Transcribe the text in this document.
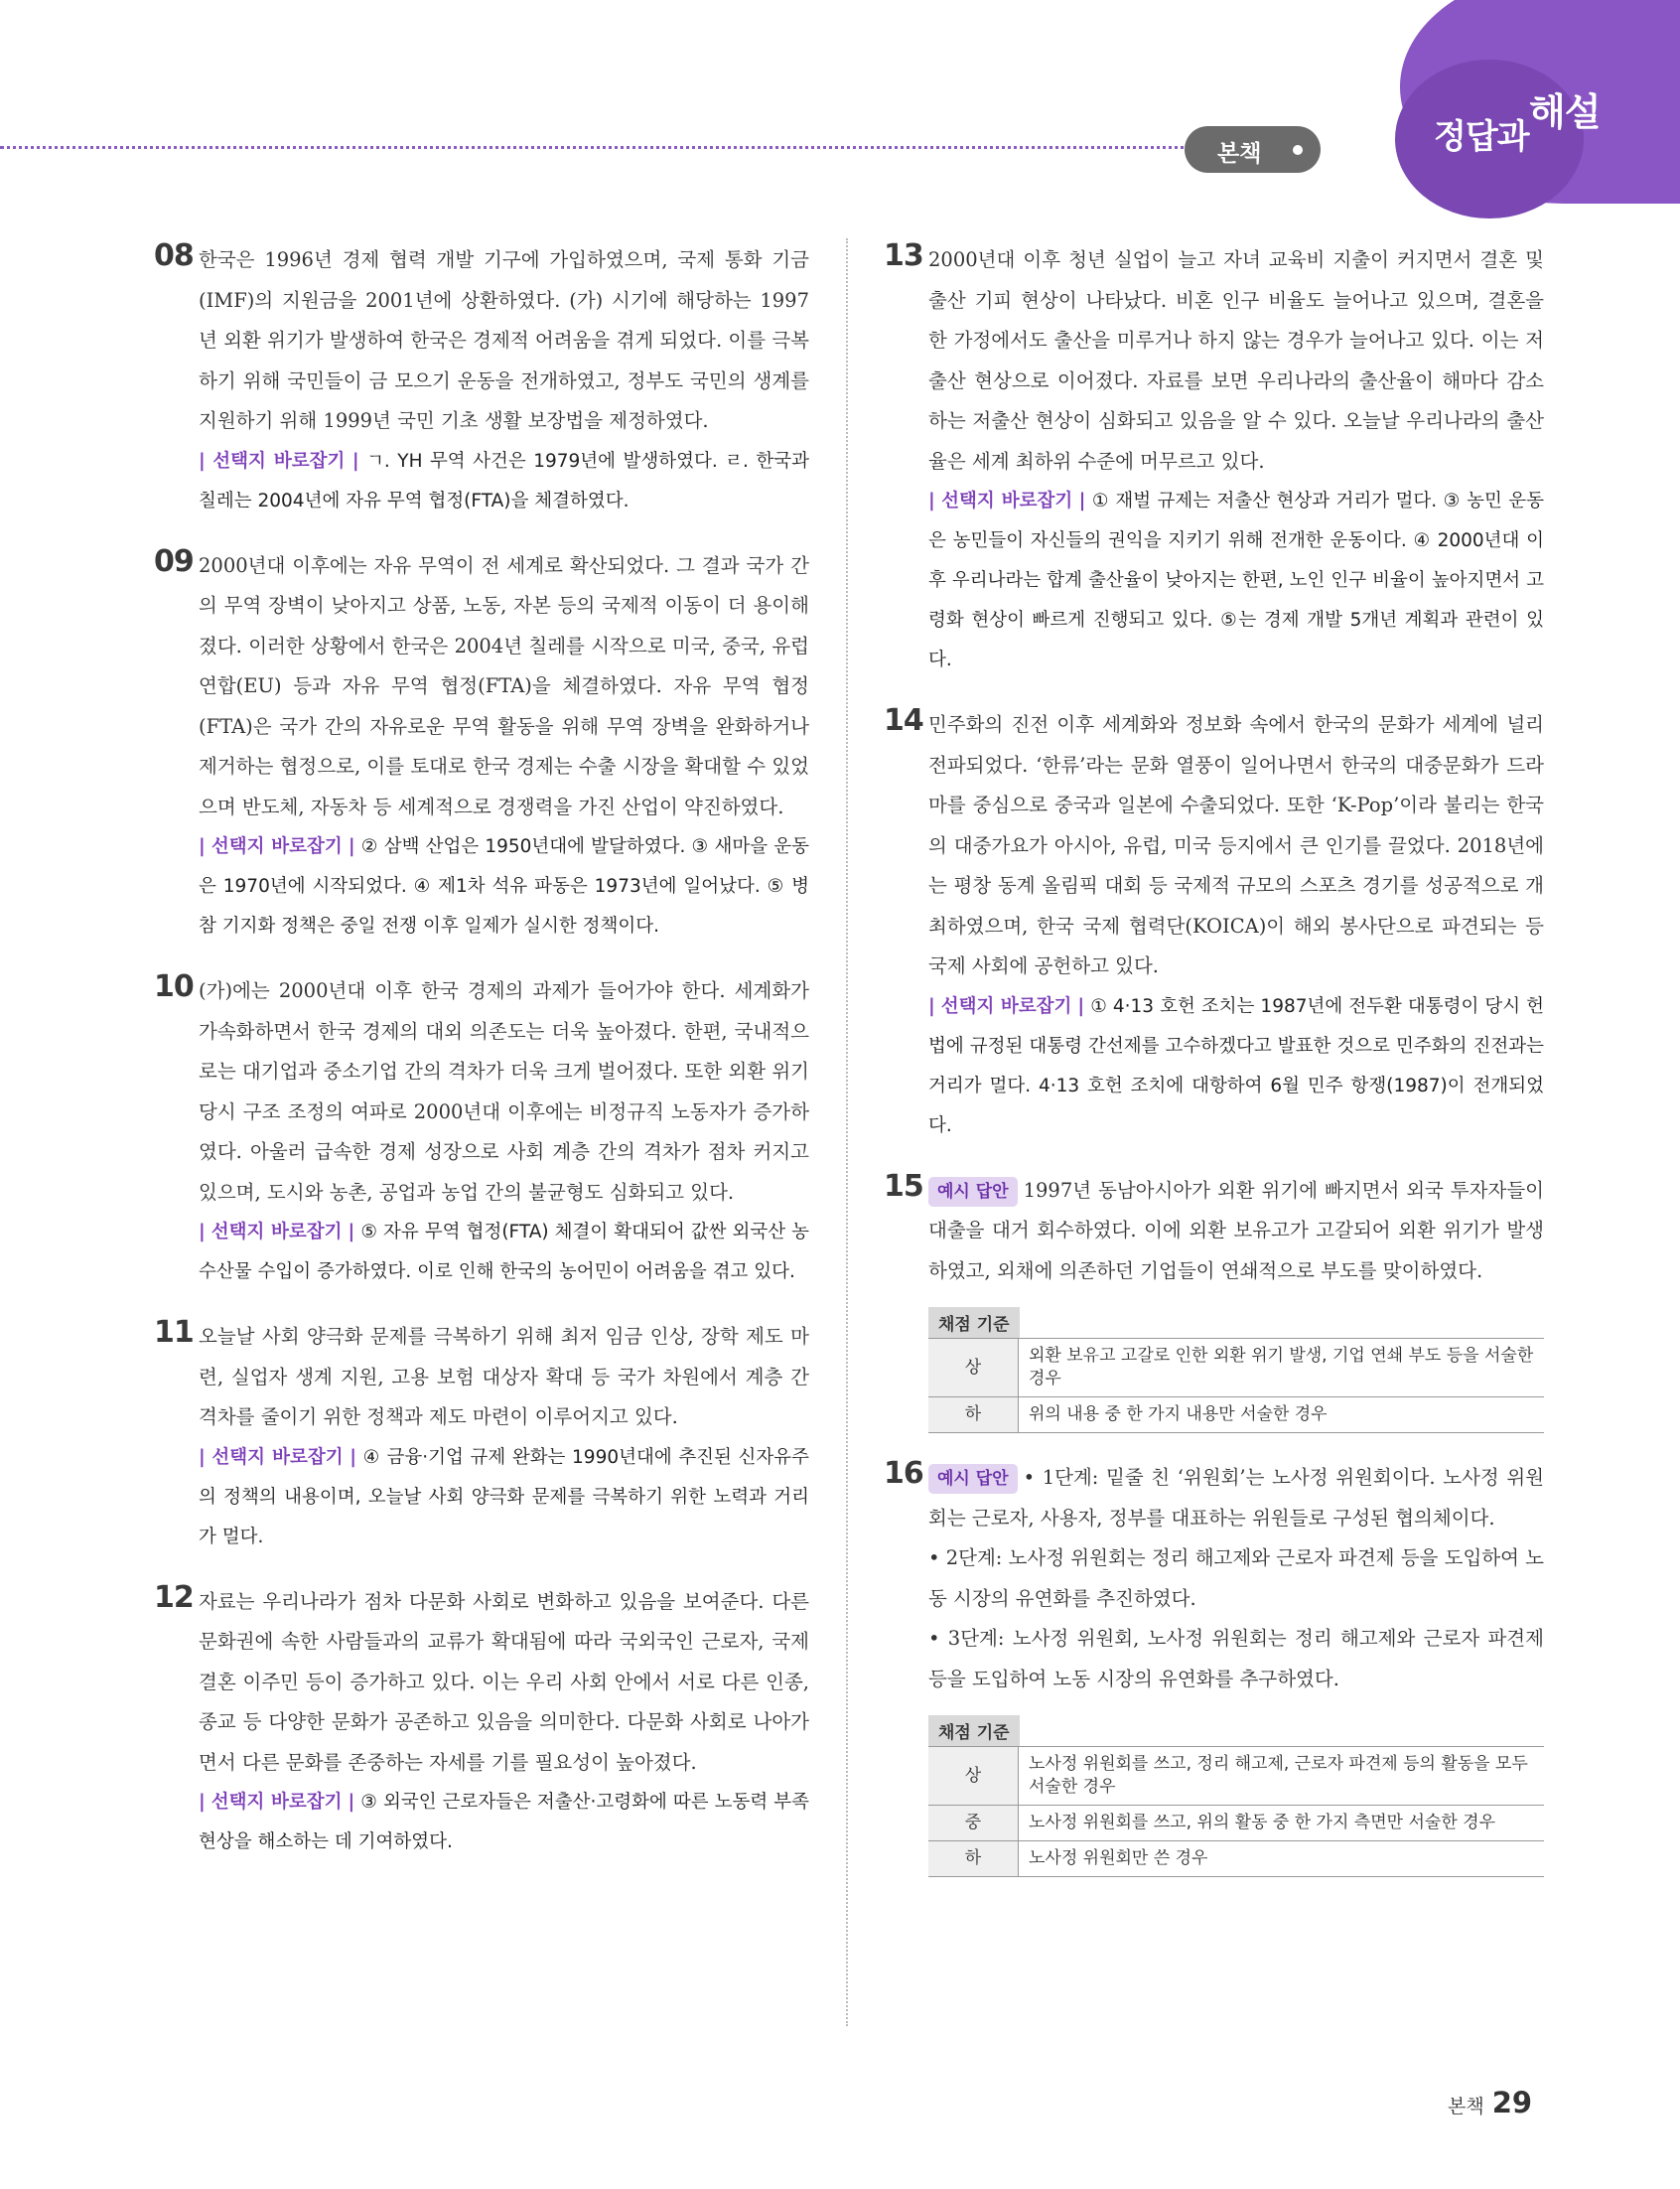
본책	정답과
해설
08 한국은 1996년 경제 협력 개발 기구에 가입하였으며, 국제 통화 기금(IMF)의 지원금을 2001년에 상환하였다. (가) 시기에 해당하는 1997년 외환 위기가 발생하여 한국은 경제적 어려움을 겪게 되었다. 이를 극복하기 위해 국민들이 금 모으기 운동을 전개하였고, 정부도 국민의 생계를 지원하기 위해 1999년 국민 기초 생활 보장법을 제정하였다.
| 선택지 바로잡기 | ㄱ. YH 무역 사건은 1979년에 발생하였다. ㄹ. 한국과 칠레는 2004년에 자유 무역 협정(FTA)을 체결하였다.
09 2000년대 이후에는 자유 무역이 전 세계로 확산되었다. 그 결과 국가 간의 무역 장벽이 낮아지고 상품, 노동, 자본 등의 국제적 이동이 더 용이해졌다. 이러한 상황에서 한국은 2004년 칠레를 시작으로 미국, 중국, 유럽 연합(EU) 등과 자유 무역 협정(FTA)을 체결하였다. 자유 무역 협정(FTA)은 국가 간의 자유로운 무역 활동을 위해 무역 장벽을 완화하거나 제거하는 협정으로, 이를 토대로 한국 경제는 수출 시장을 확대할 수 있었으며 반도체, 자동차 등 세계적으로 경쟁력을 가진 산업이 약진하였다.
| 선택지 바로잡기 | ② 삼백 산업은 1950년대에 발달하였다. ③ 새마을 운동은 1970년에 시작되었다. ④ 제1차 석유 파동은 1973년에 일어났다. ⑤ 병참 기지화 정책은 중일 전쟁 이후 일제가 실시한 정책이다.
10 (가)에는 2000년대 이후 한국 경제의 과제가 들어가야 한다. 세계화가 가속화하면서 한국 경제의 대외 의존도는 더욱 높아졌다. 한편, 국내적으로는 대기업과 중소기업 간의 격차가 더욱 크게 벌어졌다. 또한 외환 위기 당시 구조 조정의 여파로 2000년대 이후에는 비정규직 노동자가 증가하였다. 아울러 급속한 경제 성장으로 사회 계층 간의 격차가 점차 커지고 있으며, 도시와 농촌, 공업과 농업 간의 불균형도 심화되고 있다.
| 선택지 바로잡기 | ⑤ 자유 무역 협정(FTA) 체결이 확대되어 값싼 외국산 농수산물 수입이 증가하였다. 이로 인해 한국의 농어민이 어려움을 겪고 있다.
11 오늘날 사회 양극화 문제를 극복하기 위해 최저 임금 인상, 장학 제도 마련, 실업자 생계 지원, 고용 보험 대상자 확대 등 국가 차원에서 계층 간 격차를 줄이기 위한 정책과 제도 마련이 이루어지고 있다.
| 선택지 바로잡기 | ④ 금융·기업 규제 완화는 1990년대에 추진된 신자유주의 정책의 내용이며, 오늘날 사회 양극화 문제를 극복하기 위한 노력과 거리가 멀다.
12 자료는 우리나라가 점차 다문화 사회로 변화하고 있음을 보여준다. 다른 문화권에 속한 사람들과의 교류가 확대됨에 따라 국외국인 근로자, 국제결혼 이주민 등이 증가하고 있다. 이는 우리 사회 안에서 서로 다른 인종, 종교 등 다양한 문화가 공존하고 있음을 의미한다. 다문화 사회로 나아가면서 다른 문화를 존중하는 자세를 기를 필요성이 높아졌다.
| 선택지 바로잡기 | ③ 외국인 근로자들은 저출산·고령화에 따른 노동력 부족 현상을 해소하는 데 기여하였다.
13 2000년대 이후 청년 실업이 늘고 자녀 교육비 지출이 커지면서 결혼 및 출산 기피 현상이 나타났다. 비혼 인구 비율도 늘어나고 있으며, 결혼을 한 가정에서도 출산을 미루거나 하지 않는 경우가 늘어나고 있다. 이는 저출산 현상으로 이어졌다. 자료를 보면 우리나라의 출산율이 해마다 감소하는 저출산 현상이 심화되고 있음을 알 수 있다. 오늘날 우리나라의 출산율은 세계 최하위 수준에 머무르고 있다.
| 선택지 바로잡기 | ① 재벌 규제는 저출산 현상과 거리가 멀다. ③ 농민 운동은 농민들이 자신들의 권익을 지키기 위해 전개한 운동이다. ④ 2000년대 이후 우리나라는 합계 출산율이 낮아지는 한편, 노인 인구 비율이 높아지면서 고령화 현상이 빠르게 진행되고 있다. ⑤는 경제 개발 5개년 계획과 관련이 있다.
14 민주화의 진전 이후 세계화와 정보화 속에서 한국의 문화가 세계에 널리 전파되었다. ‘한류’라는 문화 열풍이 일어나면서 한국의 대중문화가 드라마를 중심으로 중국과 일본에 수출되었다. 또한 ‘K-Pop’이라 불리는 한국의 대중가요가 아시아, 유럽, 미국 등지에서 큰 인기를 끌었다. 2018년에는 평창 동계 올림픽 대회 등 국제적 규모의 스포츠 경기를 성공적으로 개최하였으며, 한국 국제 협력단(KOICA)이 해외 봉사단으로 파견되는 등 국제 사회에 공헌하고 있다.
| 선택지 바로잡기 | ① 4·13 호헌 조치는 1987년에 전두환 대통령이 당시 헌법에 규정된 대통령 간선제를 고수하겠다고 발표한 것으로 민주화의 진전과는 거리가 멀다. 4·13 호헌 조치에 대항하여 6월 민주 항쟁(1987)이 전개되었다.
15 예시 답안 1997년 동남아시아가 외환 위기에 빠지면서 외국 투자자들이 대출을 대거 회수하였다. 이에 외환 보유고가 고갈되어 외환 위기가 발생하였고, 외채에 의존하던 기업들이 연쇄적으로 부도를 맞이하였다.
채점 기준
상	외환 보유고 고갈로 인한 외환 위기 발생, 기업 연쇄 부도 등을 서술한 경우
하	위의 내용 중 한 가지 내용만 서술한 경우
16 예시 답안 • 1단계: 밑줄 친 ‘위원회’는 노사정 위원회이다. 노사정 위원회는 근로자, 사용자, 정부를 대표하는 위원들로 구성된 협의체이다.
• 2단계: 노사정 위원회는 정리 해고제와 근로자 파견제 등을 도입하여 노동 시장의 유연화를 추진하였다.
• 3단계: 노사정 위원회, 노사정 위원회는 정리 해고제와 근로자 파견제 등을 도입하여 노동 시장의 유연화를 추구하였다.
채점 기준
상	노사정 위원회를 쓰고, 정리 해고제, 근로자 파견제 등의 활동을 모두 서술한 경우
중	노사정 위원회를 쓰고, 위의 활동 중 한 가지 측면만 서술한 경우
하	노사정 위원회만 쓴 경우
본책 29
